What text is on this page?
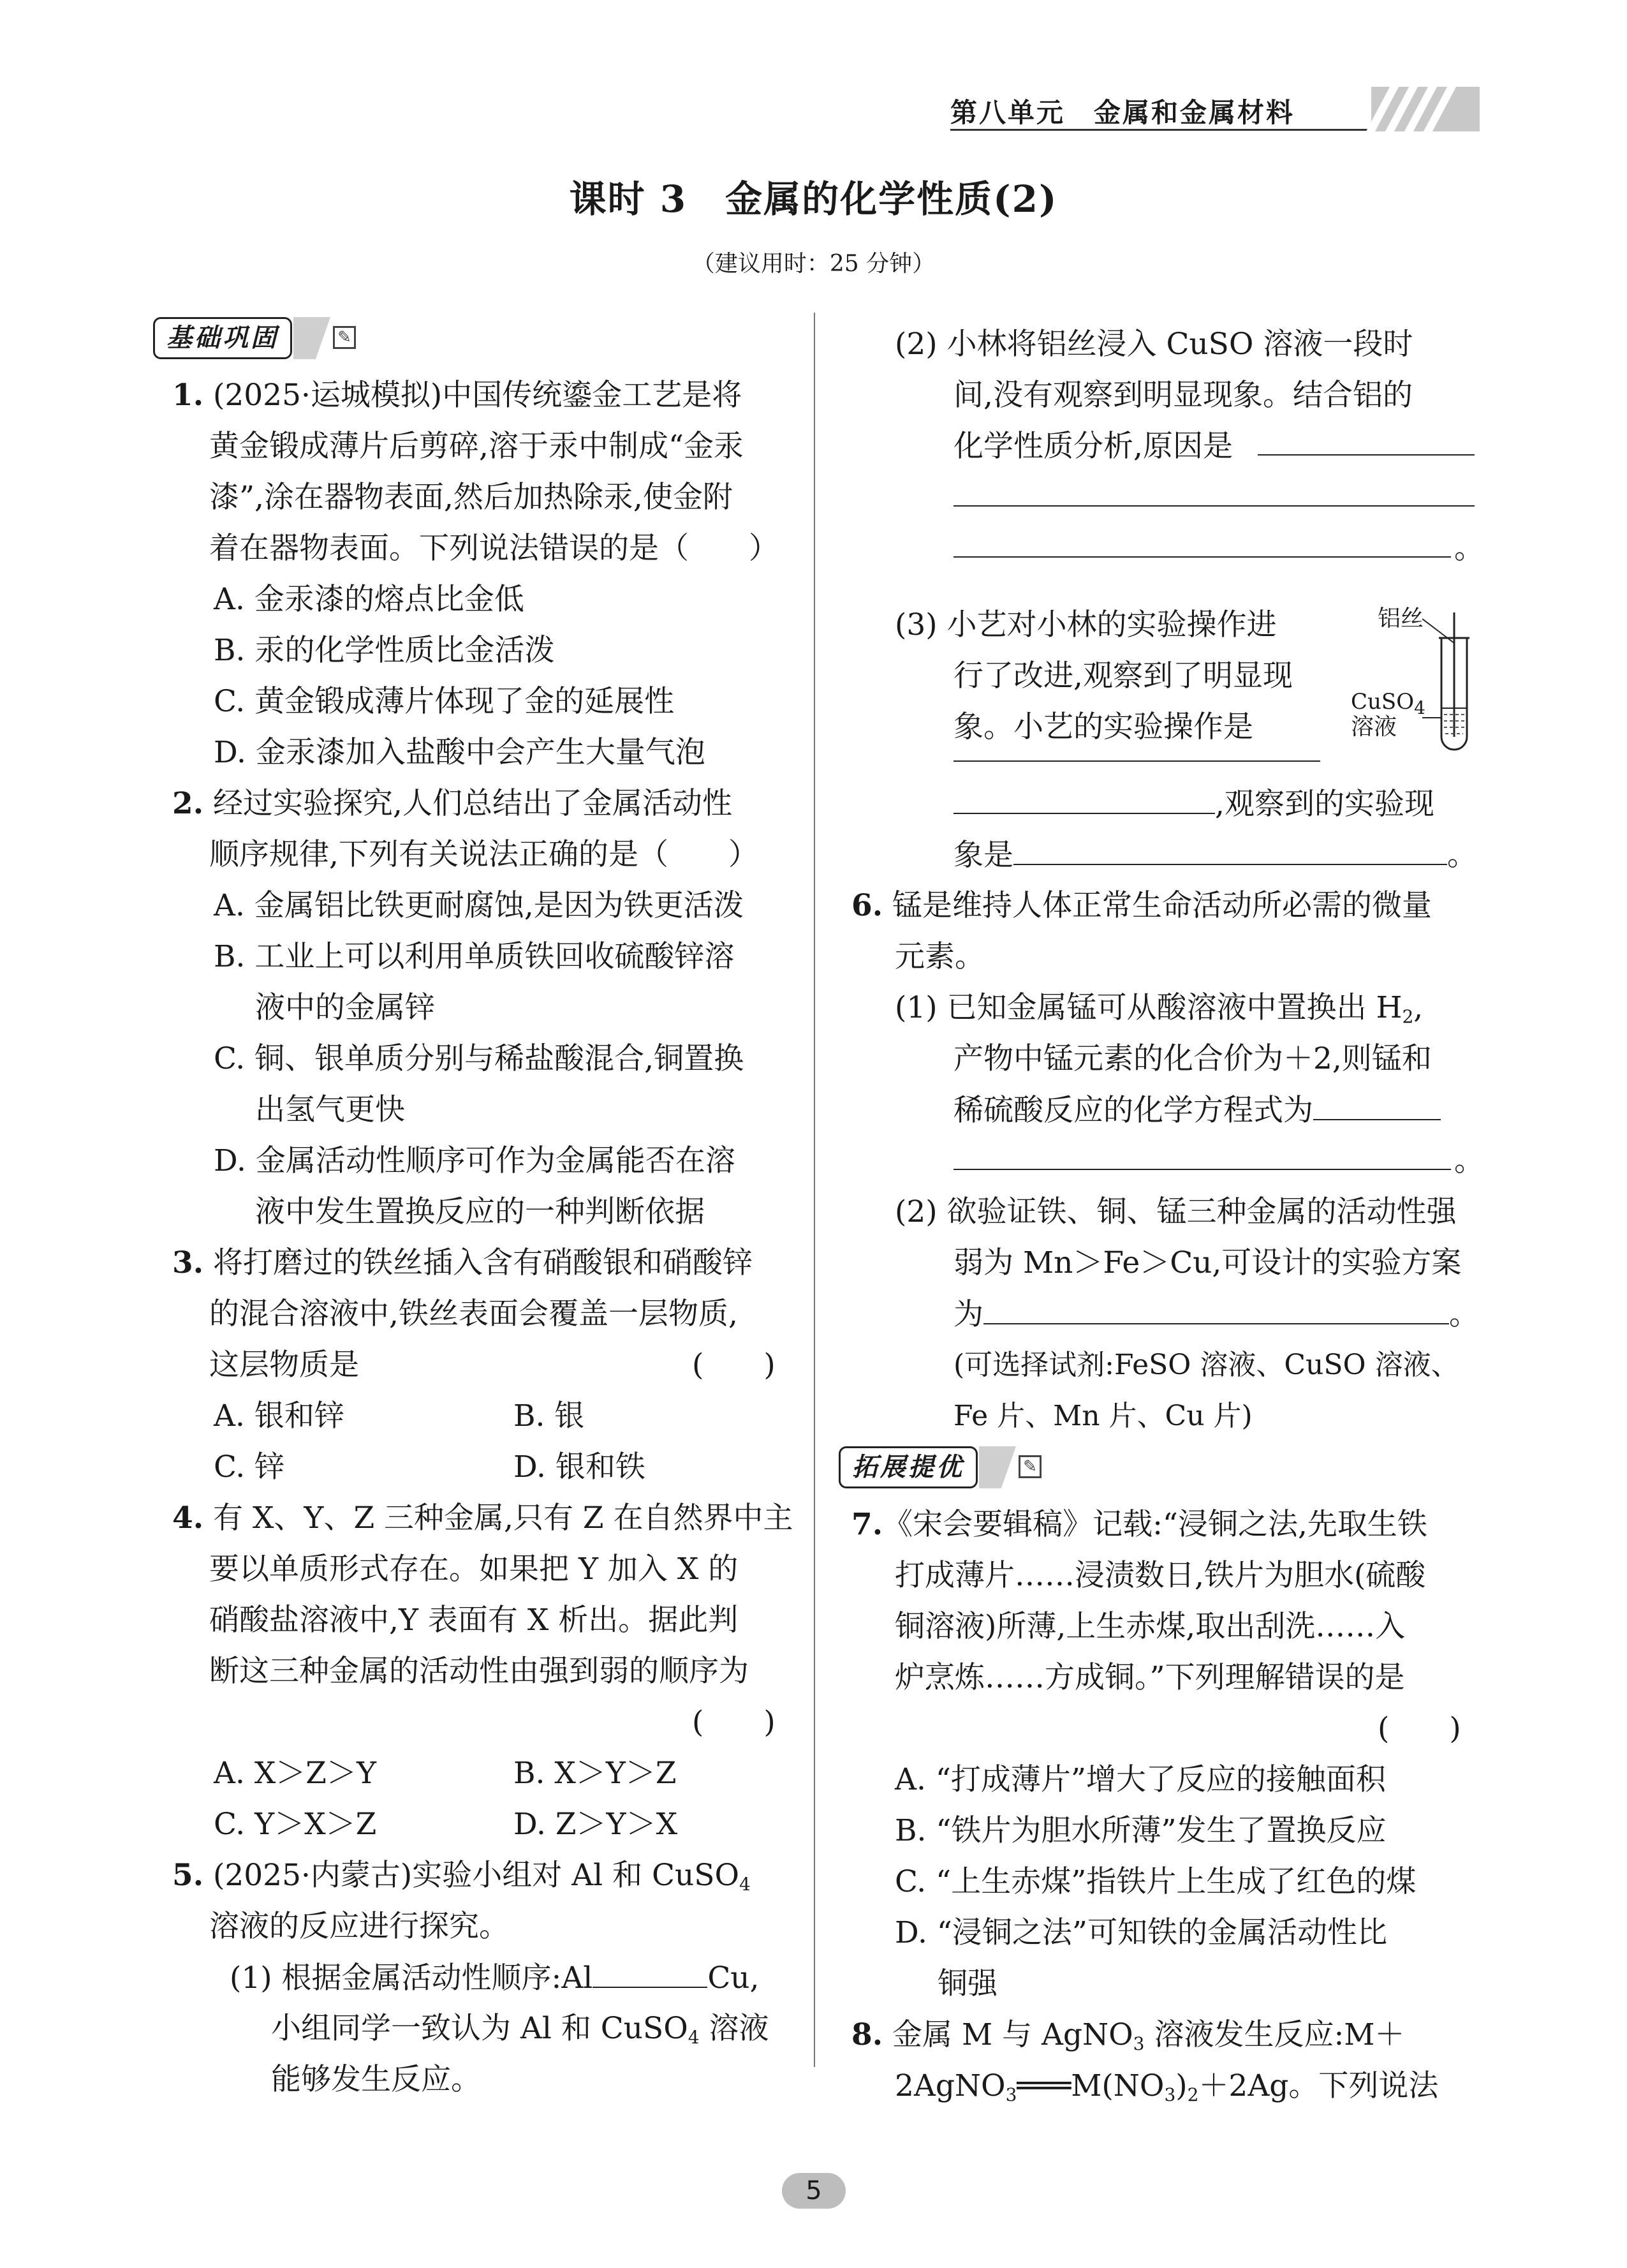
第八单元　金属和金属材料
课时 3　金属的化学性质(2)
（建议用时：25 分钟）
基础巩固	✎
1. (2025·运城模拟)中国传统鎏金工艺是将
黄金锻成薄片后剪碎,溶于汞中制成“金汞
漆”,涂在器物表面,然后加热除汞,使金附
着在器物表面。下列说法错误的是（　　）
A. 金汞漆的熔点比金低
B. 汞的化学性质比金活泼
C. 黄金锻成薄片体现了金的延展性
D. 金汞漆加入盐酸中会产生大量气泡
2. 经过实验探究,人们总结出了金属活动性
顺序规律,下列有关说法正确的是（　　）
A. 金属铝比铁更耐腐蚀,是因为铁更活泼
B. 工业上可以利用单质铁回收硫酸锌溶
液中的金属锌
C. 铜、银单质分别与稀盐酸混合,铜置换
出氢气更快
D. 金属活动性顺序可作为金属能否在溶
液中发生置换反应的一种判断依据
3. 将打磨过的铁丝插入含有硝酸银和硝酸锌
的混合溶液中,铁丝表面会覆盖一层物质,
这层物质是	(　　)
A. 银和锌	B. 银
C. 锌	D. 银和铁
4. 有 X、Y、Z 三种金属,只有 Z 在自然界中主
要以单质形式存在。如果把 Y 加入 X 的
硝酸盐溶液中,Y 表面有 X 析出。据此判
断这三种金属的活动性由强到弱的顺序为
(　　)
A. X＞Z＞Y	B. X＞Y＞Z
C. Y＞X＞Z	D. Z＞Y＞X
5. (2025·内蒙古)实验小组对 Al 和 CuSO$_4$
溶液的反应进行探究。
(1) 根据金属活动性顺序:Al	Cu,
小组同学一致认为 Al 和 CuSO$_4$ 溶液
能够发生反应。
(2) 小林将铝丝浸入 CuSO 溶液一段时
间,没有观察到明显现象。结合铝的
化学性质分析,原因是
。
(3) 小艺对小林的实验操作进
行了改进,观察到了明显现
象。小艺的实验操作是
,观察到的实验现
象是	。
铝丝
CuSO$_4$
溶液
6. 锰是维持人体正常生命活动所必需的微量
元素。
(1) 已知金属锰可从酸溶液中置换出 $H_2$,
产物中锰元素的化合价为＋2,则锰和
稀硫酸反应的化学方程式为
。
(2) 欲验证铁、铜、锰三种金属的活动性强
弱为 Mn＞Fe＞Cu,可设计的实验方案
为	。
(可选择试剂:FeSO 溶液、CuSO 溶液、
Fe 片、Mn 片、Cu 片)
拓展提优	✎
7.《宋会要辑稿》记载:“浸铜之法,先取生铁
打成薄片……浸渍数日,铁片为胆水(硫酸
铜溶液)所薄,上生赤煤,取出刮洗……入
炉烹炼……方成铜。”下列理解错误的是
(　　)
A. “打成薄片”增大了反应的接触面积
B. “铁片为胆水所薄”发生了置换反应
C. “上生赤煤”指铁片上生成了红色的煤
D. “浸铜之法”可知铁的金属活动性比
铜强
8. 金属 M 与 AgNO$_3$ 溶液发生反应:M＋
$2AgNO_3═══M(NO_3)_2+2Ag$。下列说法
5
